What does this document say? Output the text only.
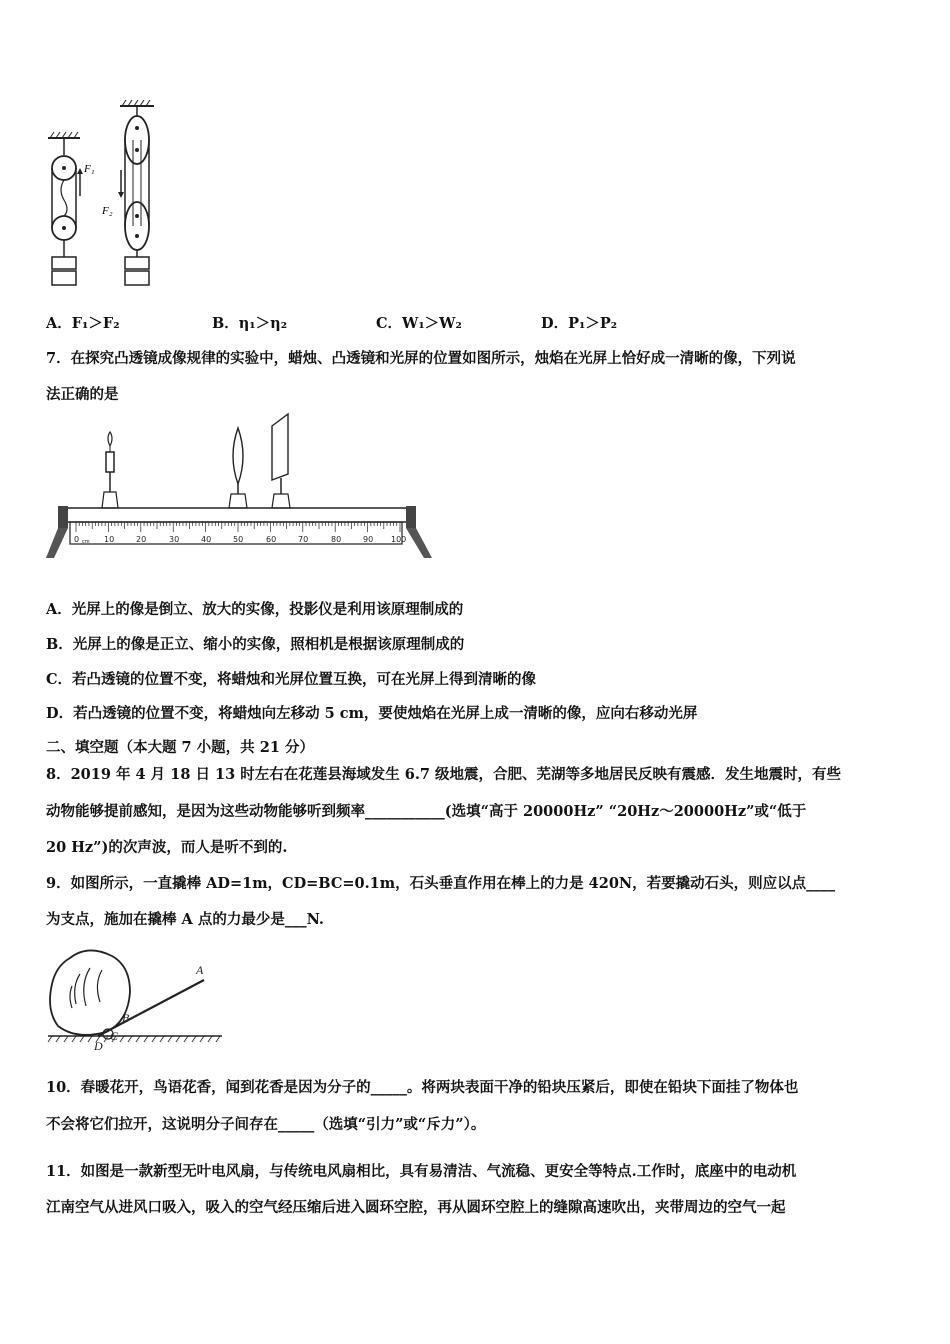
F₁
F₂
A．F₁＞F₂	B．η₁＞η₂	C．W₁＞W₂	D．P₁＞P₂
7．在探究凸透镜成像规律的实验中，蜡烛、凸透镜和光屏的位置如图所示，烛焰在光屏上恰好成一清晰的像，下列说
法正确的是
0 cm 10	20	30	40	50	60	70	80	90 100
A．光屏上的像是倒立、放大的实像，投影仪是利用该原理制成的
B．光屏上的像是正立、缩小的实像，照相机是根据该原理制成的
C．若凸透镜的位置不变，将蜡烛和光屏位置互换，可在光屏上得到清晰的像
D．若凸透镜的位置不变，将蜡烛向左移动 5 cm，要使烛焰在光屏上成一清晰的像，应向右移动光屏
二、填空题（本大题 7 小题，共 21 分）
8．2019 年 4 月 18 日 13 时左右在花莲县海域发生 6.7 级地震，合肥、芜湖等多地居民反映有震感．发生地震时，有些
动物能够提前感知，是因为这些动物能够听到频率___________(选填“高于 20000Hz” “20Hz～20000Hz”或“低于
20 Hz”)的次声波，而人是听不到的.
9．如图所示，一直撬棒 AD=1m，CD=BC=0.1m，石头垂直作用在棒上的力是 420N，若要撬动石头，则应以点____
为支点，施加在撬棒 A 点的力最少是___N.
A
B
C
D
10．春暖花开，鸟语花香，闻到花香是因为分子的_____。将两块表面干净的铅块压紧后，即使在铅块下面挂了物体也
不会将它们拉开，这说明分子间存在_____（选填“引力”或“斥力”）。
11．如图是一款新型无叶电风扇，与传统电风扇相比，具有易清洁、气流稳、更安全等特点.工作时，底座中的电动机
江南空气从进风口吸入，吸入的空气经压缩后进入圆环空腔，再从圆环空腔上的缝隙高速吹出，夹带周边的空气一起
